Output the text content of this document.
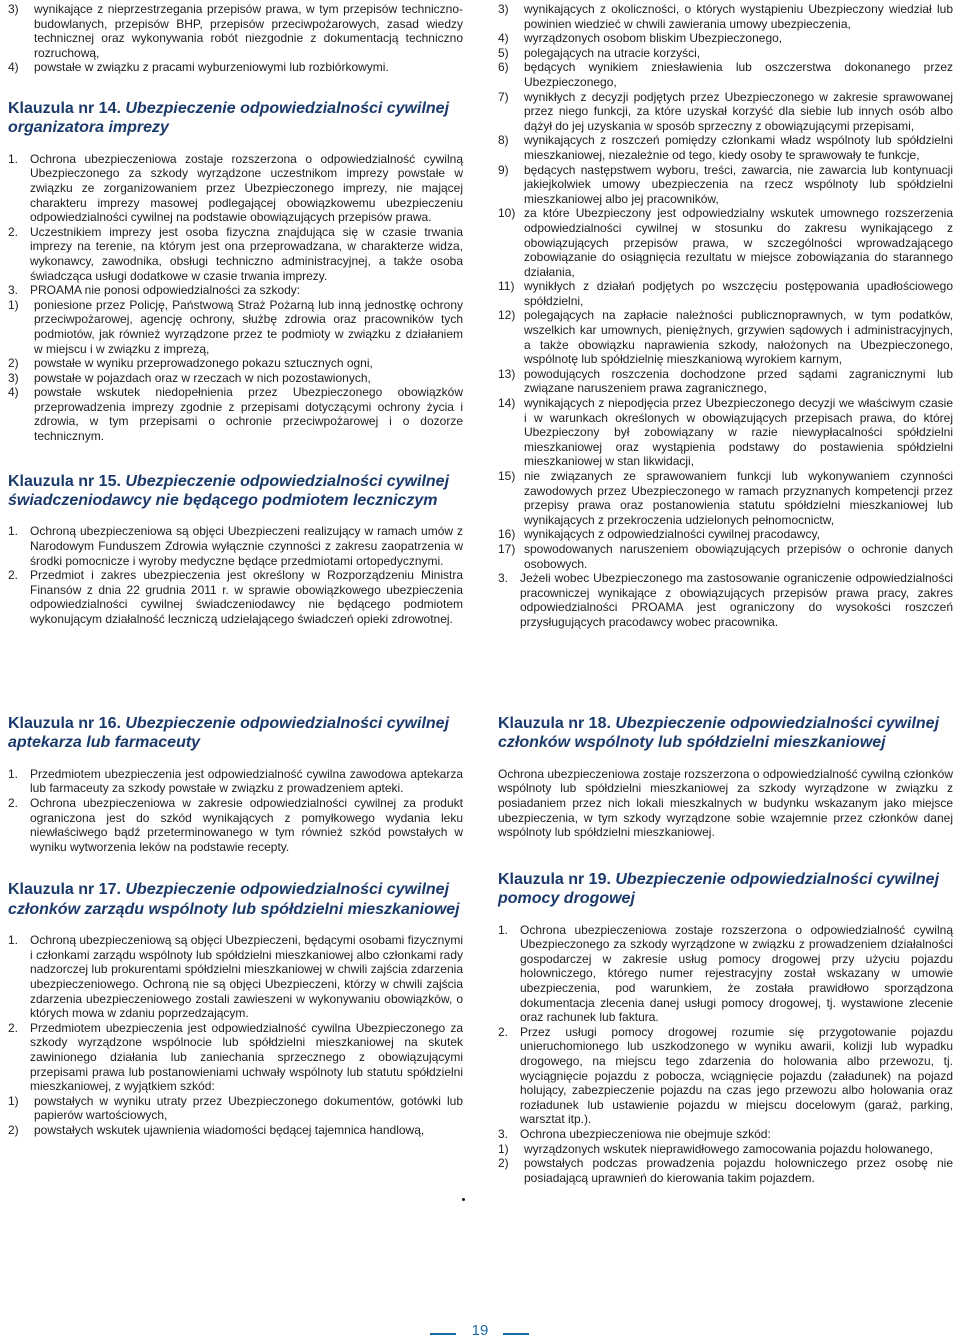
3)	wynikające z nieprzestrzegania przepisów prawa, w tym przepisów techniczno-budowlanych, przepisów BHP, przepisów przeciwpożarowych, zasad wiedzy technicznej oraz wykonywania robót niezgodnie z dokumentacją techniczno rozruchową,
4)	powstałe w związku z pracami wyburzeniowymi lub rozbiórkowymi.
Klauzula nr 14. Ubezpieczenie odpowiedzialności cywilnej organizatora imprezy
1. Ochrona ubezpieczeniowa zostaje rozszerzona o odpowiedzialność cywilną Ubezpieczonego za szkody wyrządzone uczestnikom imprezy powstałe w związku ze zorganizowaniem przez Ubezpieczonego imprezy, nie mającej charakteru imprezy masowej podlegającej obowiązkowemu ubezpieczeniu odpowiedzialności cywilnej na podstawie obowiązujących przepisów prawa.
2. Uczestnikiem imprezy jest osoba fizyczna znajdująca się w czasie trwania imprezy na terenie, na którym jest ona przeprowadzana, w charakterze widza, wykonawcy, zawodnika, obsługi techniczno administracyjnej, a także osoba świadcząca usługi dodatkowe w czasie trwania imprezy.
3. PROAMA nie ponosi odpowiedzialności za szkody:
1)	poniesione przez Policję, Państwową Straż Pożarną lub inną jednostkę ochrony przeciwpożarowej, agencję ochrony, służbę zdrowia oraz pracowników tych podmiotów, jak również wyrządzone przez te podmioty w związku z działaniem w miejscu i w związku z imprezą,
2)	powstałe w wyniku przeprowadzonego pokazu sztucznych ogni,
3)	powstałe w pojazdach oraz w rzeczach w nich pozostawionych,
4)	powstałe wskutek niedopełnienia przez Ubezpieczonego obowiązków przeprowadzenia imprezy zgodnie z przepisami dotyczącymi ochrony życia i zdrowia, w tym przepisami o ochronie przeciwpożarowej i o dozorze technicznym.
Klauzula nr 15. Ubezpieczenie odpowiedzialności cywilnej świadczeniodawcy nie będącego podmiotem leczniczym
1. Ochroną ubezpieczeniowa są objęci Ubezpieczeni realizujący w ramach umów z Narodowym Funduszem Zdrowia wyłącznie czynności z zakresu zaopatrzenia w środki pomocnicze i wyroby medyczne będące przedmiotami ortopedycznymi.
2. Przedmiot i zakres ubezpieczenia jest określony w Rozporządzeniu Ministra Finansów z dnia 22 grudnia 2011 r. w sprawie obowiązkowego ubezpieczenia odpowiedzialności cywilnej świadczeniodawcy nie będącego podmiotem wykonującym działalność leczniczą udzielającego świadczeń opieki zdrowotnej.
3)	wynikających z okoliczności, o których wystąpieniu Ubezpieczony wiedział lub powinien wiedzieć w chwili zawierania umowy ubezpieczenia,
4)	wyrządzonych osobom bliskim Ubezpieczonego,
5)	polegających na utracie korzyści,
6)	będących wynikiem zniesławienia lub oszczerstwa dokonanego przez Ubezpieczonego,
7)	wynikłych z decyzji podjętych przez Ubezpieczonego w zakresie sprawowanej przez niego funkcji, za które uzyskał korzyść dla siebie lub innych osób albo dążył do jej uzyskania w sposób sprzeczny z obowiązującymi przepisami,
8)	wynikających z roszczeń pomiędzy członkami władz wspólnoty lub spółdzielni mieszkaniowej, niezależnie od tego, kiedy osoby te sprawowały te funkcje,
9)	będących następstwem wyboru, treści, zawarcia, nie zawarcia lub kontynuacji jakiejkolwiek umowy ubezpieczenia na rzecz wspólnoty lub spółdzielni mieszkaniowej albo jej pracowników,
10) za które Ubezpieczony jest odpowiedzialny wskutek umownego rozszerzenia odpowiedzialności cywilnej w stosunku do zakresu wynikającego z obowiązujących przepisów prawa, w szczególności wprowadzającego zobowiązanie do osiągnięcia rezultatu w miejsce zobowiązania do starannego działania,
11) wynikłych z działań podjętych po wszczęciu postępowania upadłościowego spółdzielni,
12) polegających na zapłacie należności publicznoprawnych, w tym podatków, wszelkich kar umownych, pieniężnych, grzywien sądowych i administracyjnych, a także obowiązku naprawienia szkody, nałożonych na Ubezpieczonego, wspólnotę lub spółdzielnię mieszkaniową wyrokiem karnym,
13) powodujących roszczenia dochodzone przed sądami zagranicznymi lub związane naruszeniem prawa zagranicznego,
14) wynikających z niepodjęcia przez Ubezpieczonego decyzji we właściwym czasie i w warunkach określonych w obowiązujących przepisach prawa, do której Ubezpieczony był zobowiązany w razie niewypłacalności spółdzielni mieszkaniowej oraz wystąpienia podstawy do postawienia spółdzielni mieszkaniowej w stan likwidacji,
15) nie związanych ze sprawowaniem funkcji lub wykonywaniem czynności zawodowych przez Ubezpieczonego w ramach przyznanych kompetencji przez przepisy prawa oraz postanowienia statutu spółdzielni mieszkaniowej lub wynikających z przekroczenia udzielonych pełnomocnictw,
16) wynikających z odpowiedzialności cywilnej pracodawcy,
17) spowodowanych naruszeniem obowiązujących przepisów o ochronie danych osobowych.
3. Jeżeli wobec Ubezpieczonego ma zastosowanie ograniczenie odpowiedzialności pracowniczej wynikające z obowiązujących przepisów prawa pracy, zakres odpowiedzialności PROAMA jest ograniczony do wysokości roszczeń przysługujących pracodawcy wobec pracownika.
Klauzula nr 16. Ubezpieczenie odpowiedzialności cywilnej aptekarza lub farmaceuty
1. Przedmiotem ubezpieczenia jest odpowiedzialność cywilna zawodowa aptekarza lub farmaceuty za szkody powstałe w związku z prowadzeniem apteki.
2. Ochrona ubezpieczeniowa w zakresie odpowiedzialności cywilnej za produkt ograniczona jest do szkód wynikających z pomyłkowego wydania leku niewłaściwego bądź przeterminowanego w tym również szkód powstałych w wyniku wytworzenia leków na podstawie recepty.
Klauzula nr 17. Ubezpieczenie odpowiedzialności cywilnej członków zarządu wspólnoty lub spółdzielni mieszkaniowej
1. Ochroną ubezpieczeniową są objęci Ubezpieczeni, będącymi osobami fizycznymi i członkami zarządu wspólnoty lub spółdzielni mieszkaniowej albo członkami rady nadzorczej lub prokurentami spółdzielni mieszkaniowej w chwili zajścia zdarzenia ubezpieczeniowego. Ochroną nie są objęci Ubezpieczeni, którzy w chwili zajścia zdarzenia ubezpieczeniowego zostali zawieszeni w wykonywaniu obowiązków, o których mowa w zdaniu poprzedzającym.
2. Przedmiotem ubezpieczenia jest odpowiedzialność cywilna Ubezpieczonego za szkody wyrządzone wspólnocie lub spółdzielni mieszkaniowej na skutek zawinionego działania lub zaniechania sprzecznego z obowiązującymi przepisami prawa lub postanowieniami uchwały wspólnoty lub statutu spółdzielni mieszkaniowej, z wyjątkiem szkód:
1)	powstałych w wyniku utraty przez Ubezpieczonego dokumentów, gotówki lub papierów wartościowych,
2)	powstałych wskutek ujawnienia wiadomości będącej tajemnica handlową,
Klauzula nr 18. Ubezpieczenie odpowiedzialności cywilnej członków wspólnoty lub spółdzielni mieszkaniowej

Ochrona ubezpieczeniowa zostaje rozszerzona o odpowiedzialność cywilną członków wspólnoty lub spółdzielni mieszkaniowej za szkody wyrządzone w związku z posiadaniem przez nich lokali mieszkalnych w budynku wskazanym jako miejsce ubezpieczenia, w tym szkody wyrządzone sobie wzajemnie przez członków danej wspólnoty lub spółdzielni mieszkaniowej.

Klauzula nr 19. Ubezpieczenie odpowiedzialności cywilnej pomocy drogowej
1. Ochrona ubezpieczeniowa zostaje rozszerzona o odpowiedzialność cywilną Ubezpieczonego za szkody wyrządzone w związku z prowadzeniem działalności gospodarczej w zakresie usług pomocy drogowej przy użyciu pojazdu holowniczego, którego numer rejestracyjny został wskazany w umowie ubezpieczenia, pod warunkiem, że została prawidłowo sporządzona dokumentacja zlecenia danej usługi pomocy drogowej, tj. wystawione zlecenie oraz rachunek lub faktura.
2. Przez usługi pomocy drogowej rozumie się przygotowanie pojazdu unieruchomionego lub uszkodzonego w wyniku awarii, kolizji lub wypadku drogowego, na miejscu tego zdarzenia do holowania albo przewozu, tj. wyciągnięcie pojazdu z pobocza, wciągnięcie pojazdu (załadunek) na pojazd holujący, zabezpieczenie pojazdu na czas jego przewozu albo holowania oraz rozładunek lub ustawienie pojazdu w miejscu docelowym (garaż, parking, warsztat itp.).
3. Ochrona ubezpieczeniowa nie obejmuje szkód:
1)	wyrządzonych wskutek nieprawidłowego zamocowania pojazdu holowanego,
2)	powstałych podczas prowadzenia pojazdu holowniczego przez osobę nie posiadającą uprawnień do kierowania takim pojazdem.
19
